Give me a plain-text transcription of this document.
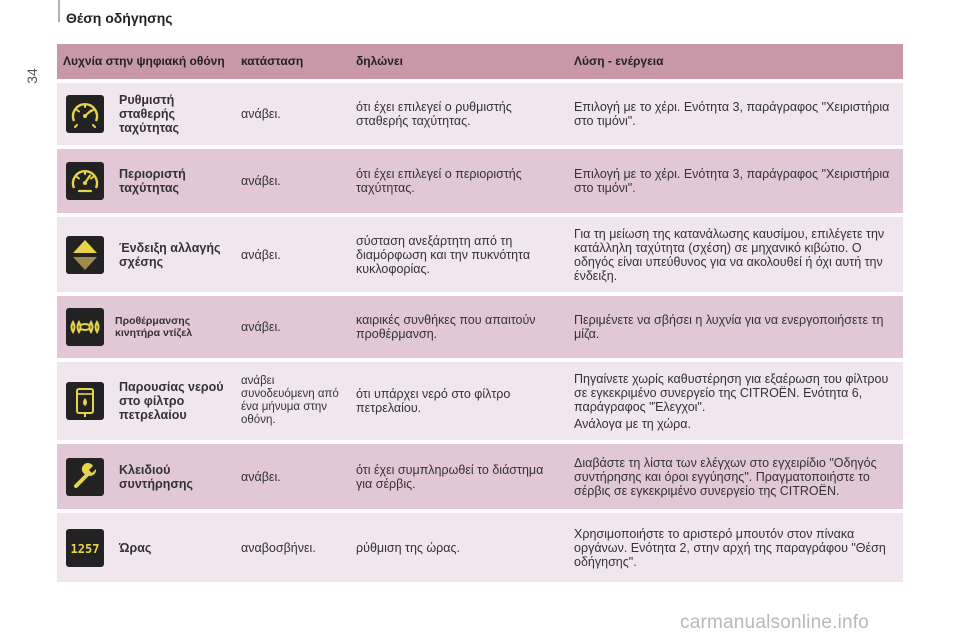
34
Θέση οδήγησης
Λυχνία στην ψηφιακή οθόνη		κατάσταση	δηλώνει	Λύση - ενέργεια

	Ρυθμιστή σταθερής ταχύτητας	ανάβει.	ότι έχει επιλεγεί ο ρυθμιστής σταθερής ταχύτητας.	Επιλογή με το χέρι. Ενότητα 3, παράγραφος "Χειριστήρια στο τιμόνι".

	Περιοριστή ταχύτητας	ανάβει.	ότι έχει επιλεγεί ο περιοριστής ταχύτητας.	Επιλογή με το χέρι. Ενότητα 3, παράγραφος "Χειριστήρια στο τιμόνι".

	Ένδειξη αλλαγής σχέσης	ανάβει.	σύσταση ανεξάρτητη από τη διαμόρφωση και την πυκνότητα κυκλοφορίας.	Για τη μείωση της κατανάλωσης καυσίμου, επιλέγετε την κατάλληλη ταχύτητα (σχέση) σε μηχανικό κιβώτιο. Ο οδηγός είναι υπεύθυνος για να ακολουθεί ή όχι αυτή την ένδειξη.

	Προθέρμανσης κινητήρα ντίζελ	ανάβει.	καιρικές συνθήκες που απαιτούν προθέρμανση.	Περιμένετε να σβήσει η λυχνία για να ενεργοποιήσετε τη μίζα.

	Παρουσίας νερού στο φίλτρο πετρελαίου	ανάβει συνοδευόμενη από ένα μήνυμα στην οθόνη.	ότι υπάρχει νερό στο φίλτρο πετρελαίου.	Πηγαίνετε χωρίς καθυστέρηση για εξαέρωση του φίλτρου σε εγκεκριμένο συνεργείο της CITROËN. Ενότητα 6, παράγραφος "Έλεγχοι".
Ανάλογα με τη χώρα.

	Κλειδιού συντήρησης	ανάβει.	ότι έχει συμπληρωθεί το διάστημα για σέρβις.	Διαβάστε τη λίστα των ελέγχων στο εγχειρίδιο "Οδηγός συντήρησης και όροι εγγύησης". Πραγματοποιήστε το σέρβις σε εγκεκριμένο συνεργείο της CITROËN.

1257	Ώρας	αναβοσβήνει.	ρύθμιση της ώρας.	Χρησιμοποιήστε το αριστερό μπουτόν στον πίνακα οργάνων. Ενότητα 2, στην αρχή της παραγράφου "Θέση οδήγησης".
carmanualsonline.info
